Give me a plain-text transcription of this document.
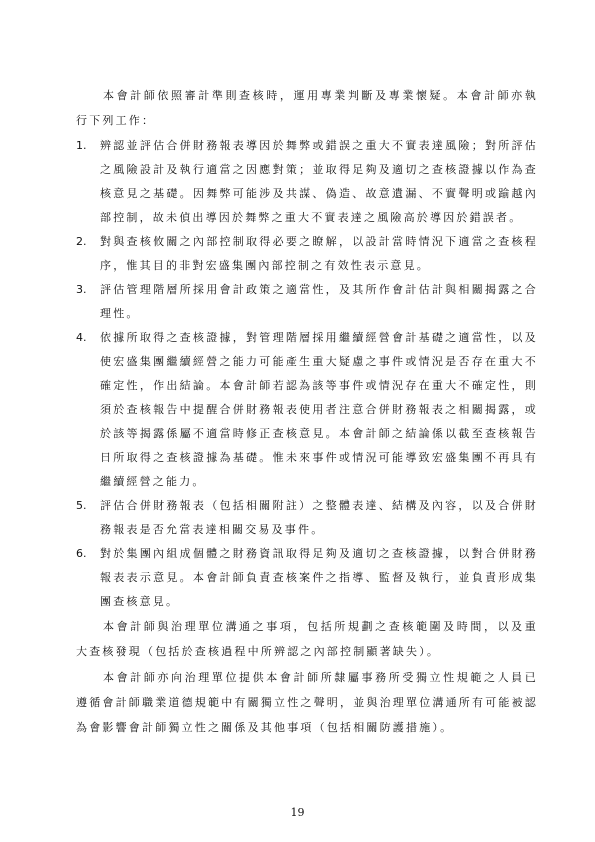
本會計師依照審計準則查核時，運用專業判斷及專業懷疑。本會計師亦執行下列工作：

1. 辨認並評估合併財務報表導因於舞弊或錯誤之重大不實表達風險；對所評估之風險設計及執行適當之因應對策；並取得足夠及適切之查核證據以作為查核意見之基礎。因舞弊可能涉及共謀、偽造、故意遺漏、不實聲明或踰越內部控制，故未偵出導因於舞弊之重大不實表達之風險高於導因於錯誤者。
2. 對與查核攸關之內部控制取得必要之瞭解，以設計當時情況下適當之查核程序，惟其目的非對宏盛集團內部控制之有效性表示意見。
3. 評估管理階層所採用會計政策之適當性，及其所作會計估計與相關揭露之合理性。
4. 依據所取得之查核證據，對管理階層採用繼續經營會計基礎之適當性，以及使宏盛集團繼續經營之能力可能產生重大疑慮之事件或情況是否存在重大不確定性，作出結論。本會計師若認為該等事件或情況存在重大不確定性，則須於查核報告中提醒合併財務報表使用者注意合併財務報表之相關揭露，或於該等揭露係屬不適當時修正查核意見。本會計師之結論係以截至查核報告日所取得之查核證據為基礎。惟未來事件或情況可能導致宏盛集團不再具有繼續經營之能力。
5. 評估合併財務報表（包括相關附註）之整體表達、結構及內容，以及合併財務報表是否允當表達相關交易及事件。
6. 對於集團內組成個體之財務資訊取得足夠及適切之查核證據，以對合併財務報表表示意見。本會計師負責查核案件之指導、監督及執行，並負責形成集團查核意見。

本會計師與治理單位溝通之事項，包括所規劃之查核範圍及時間，以及重大查核發現（包括於查核過程中所辨認之內部控制顯著缺失）。

本會計師亦向治理單位提供本會計師所隸屬事務所受獨立性規範之人員已遵循會計師職業道德規範中有關獨立性之聲明，並與治理單位溝通所有可能被認為會影響會計師獨立性之關係及其他事項（包括相關防護措施）。

19
